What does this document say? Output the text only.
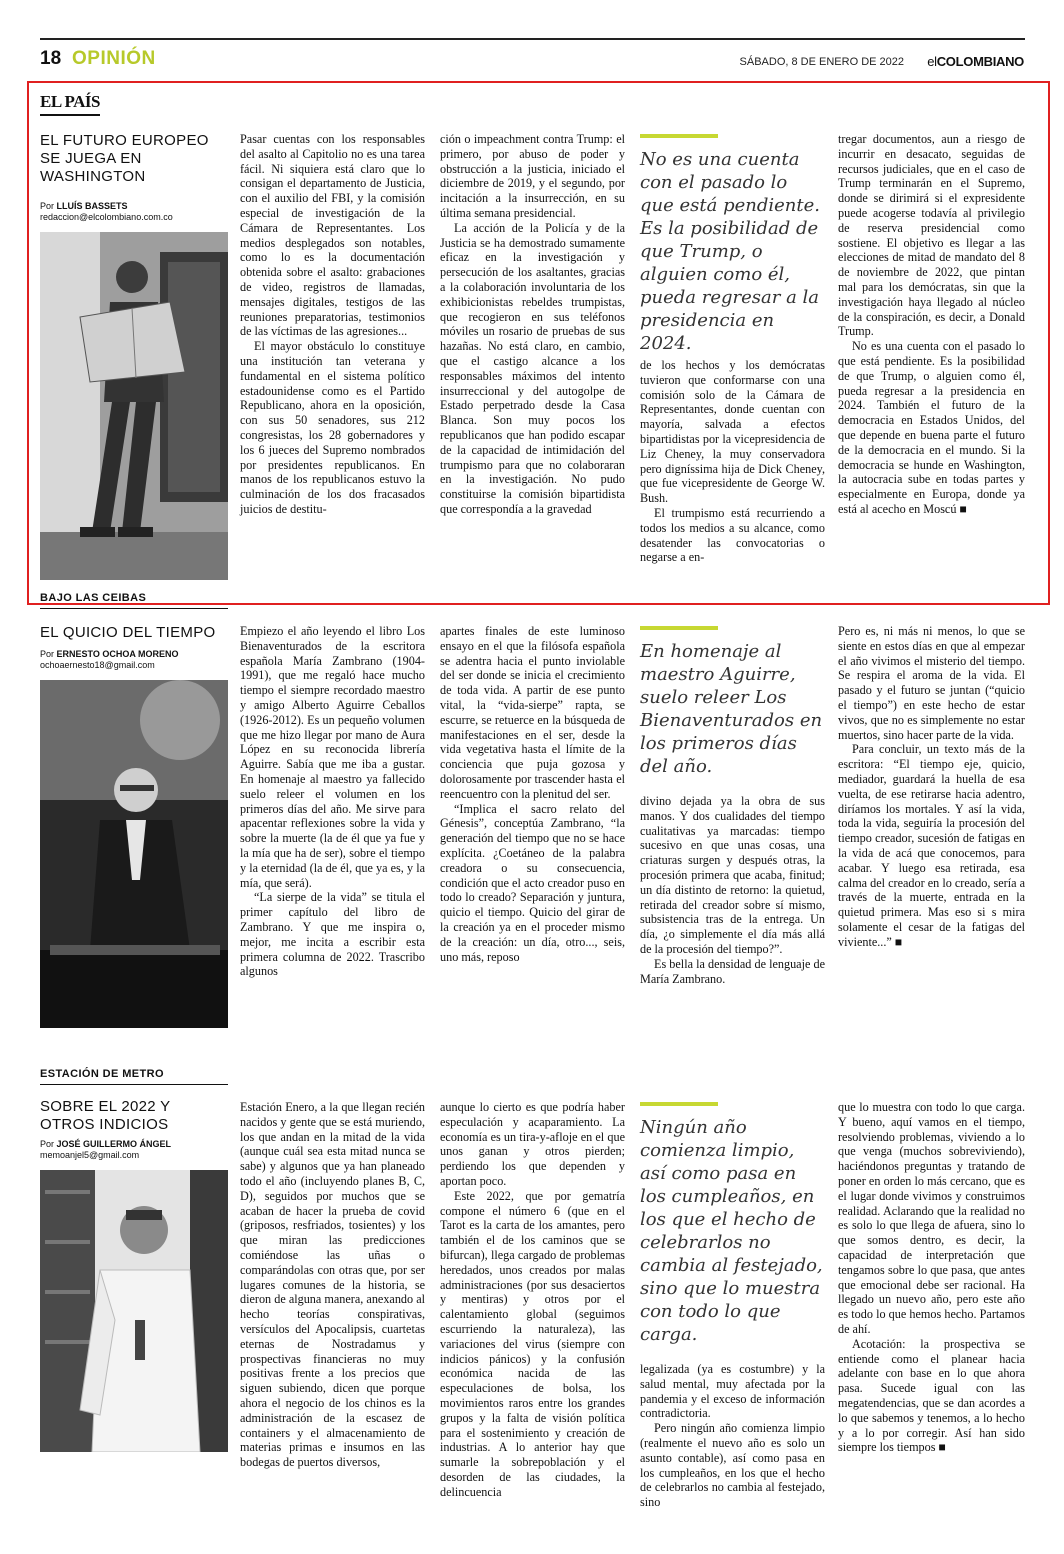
18 OPINIÓN	SÁBADO, 8 DE ENERO DE 2022 elCOLOMBIANO
EL PAÍS
EL FUTURO EUROPEO SE JUEGA EN WASHINGTON
Por LLUÍS BASSETS
redaccion@elcolombiano.com.co

Pasar cuentas con los responsables del asalto al Capitolio no es una tarea fácil. Ni siquiera está claro que lo consigan el departamento de Justicia, con el auxilio del FBI, y la comisión especial de investigación de la Cámara de Representantes. Los medios desplegados son notables, como lo es la documentación obtenida sobre el asalto: grabaciones de video, registros de llamadas, mensajes digitales, testigos de las reuniones preparatorias, testimonios de las víctimas de las agresiones...

El mayor obstáculo lo constituye una institución tan veterana y fundamental en el sistema político estadounidense como es el Partido Republicano, ahora en la oposición, con sus 50 senadores, sus 212 congresistas, los 28 gobernadores y los 6 jueces del Supremo nombrados por presidentes republicanos. En manos de los republicanos estuvo la culminación de los dos fracasados juicios de destitu-

ción o impeachment contra Trump: el primero, por abuso de poder y obstrucción a la justicia, iniciado el diciembre de 2019, y el segundo, por incitación a la insurrección, en su última semana presidencial.

La acción de la Policía y de la Justicia se ha demostrado sumamente eficaz en la investigación y persecución de los asaltantes, gracias a la colaboración involuntaria de los exhibicionistas rebeldes trumpistas, que recogieron en sus teléfonos móviles un rosario de pruebas de sus hazañas. No está claro, en cambio, que el castigo alcance a los responsables máximos del intento insurreccional y del autogolpe de Estado perpetrado desde la Casa Blanca. Son muy pocos los republicanos que han podido escapar de la capacidad de intimidación del trumpismo para que no colaboraran en la investigación. No pudo constituirse la comisión bipartidista que correspondía a la gravedad

No es una cuenta con el pasado lo que está pendiente. Es la posibilidad de que Trump, o alguien como él, pueda regresar a la presidencia en 2024.

de los hechos y los demócratas tuvieron que conformarse con una comisión solo de la Cámara de Representantes, donde cuentan con mayoría, salvada a efectos bipartidistas por la vicepresidencia de Liz Cheney, la muy conservadora pero digníssima hija de Dick Cheney, que fue vicepresidente de George W. Bush.

El trumpismo está recurriendo a todos los medios a su alcance, como desatender las convocatorias o negarse a en-

tregar documentos, aun a riesgo de incurrir en desacato, seguidas de recursos judiciales, que en el caso de Trump terminarán en el Supremo, donde se dirimirá si el expresidente puede acogerse todavía al privilegio de reserva presidencial como sostiene. El objetivo es llegar a las elecciones de mitad de mandato del 8 de noviembre de 2022, que pintan mal para los demócratas, sin que la investigación haya llegado al núcleo de la conspiración, es decir, a Donald Trump.

No es una cuenta con el pasado lo que está pendiente. Es la posibilidad de que Trump, o alguien como él, pueda regresar a la presidencia en 2024. También el futuro de la democracia en Estados Unidos, del que depende en buena parte el futuro de la democracia en el mundo. Si la democracia se hunde en Washington, la autocracia sube en todas partes y especialmente en Europa, donde ya está al acecho en Moscú ■

BAJO LAS CEIBAS
EL QUICIO DEL TIEMPO
Por ERNESTO OCHOA MORENO
ochoaernesto18@gmail.com

Empiezo el año leyendo el libro Los Bienaventurados de la escritora española María Zambrano (1904-1991), que me regaló hace mucho tiempo el siempre recordado maestro y amigo Alberto Aguirre Ceballos (1926-2012). Es un pequeño volumen que me hizo llegar por mano de Aura López en su reconocida librería Aguirre. Sabía que me iba a gustar. En homenaje al maestro ya fallecido suelo releer el volumen en los primeros días del año. Me sirve para apacentar reflexiones sobre la vida y sobre la muerte (la de él que ya fue y la mía que ha de ser), sobre el tiempo y la eternidad (la de él, que ya es, y la mía, que será).

“La sierpe de la vida” se titula el primer capítulo del libro de Zambrano. Y que me inspira o, mejor, me incita a escribir esta primera columna de 2022. Trascribo algunos

apartes finales de este luminoso ensayo en el que la filósofa española se adentra hacia el punto inviolable del ser donde se inicia el crecimiento de toda vida. A partir de ese punto vital, la “vida-sierpe” rapta, se escurre, se retuerce en la búsqueda de manifestaciones en el ser, desde la vida vegetativa hasta el límite de la conciencia que puja gozosa y dolorosamente por trascender hasta el reencuentro con la plenitud del ser.

“Implica el sacro relato del Génesis”, conceptúa Zambrano, “la generación del tiempo que no se hace explícita. ¿Coetáneo de la palabra creadora o su consecuencia, condición que el acto creador puso en todo lo creado? Separación y juntura, quicio el tiempo. Quicio del girar de la creación ya en el proceder mismo de la creación: un día, otro..., seis, uno más, reposo

En homenaje al maestro Aguirre, suelo releer Los Bienaventurados en los primeros días del año.

divino dejada ya la obra de sus manos. Y dos cualidades del tiempo cualitativas ya marcadas: tiempo sucesivo en que unas cosas, una criaturas surgen y después otras, la procesión primera que acaba, finitud; un día distinto de retorno: la quietud, retirada del creador sobre sí mismo, subsistencia tras de la entrega. Un día, ¿o simplemente el día más allá de la procesión del tiempo?”.

Es bella la densidad de lenguaje de María Zambrano.

Pero es, ni más ni menos, lo que se siente en estos días en que al empezar el año vivimos el misterio del tiempo. Se respira el aroma de la vida. El pasado y el futuro se juntan (“quicio el tiempo”) en este hecho de estar vivos, que no es simplemente no estar muertos, sino hacer parte de la vida.

Para concluir, un texto más de la escritora: “El tiempo eje, quicio, mediador, guardará la huella de esa vuelta, de ese retirarse hacia adentro, diríamos los mortales. Y así la vida, toda la vida, seguiría la procesión del tiempo creador, sucesión de fatigas en la vida de acá que conocemos, para acabar. Y luego esa retirada, esa calma del creador en lo creado, sería a través de la muerte, entrada en la quietud primera. Mas eso si s mira solamente el cesar de la fatigas del viviente...” ■

ESTACIÓN DE METRO
SOBRE EL 2022 Y OTROS INDICIOS
Por JOSÉ GUILLERMO ÁNGEL
memoanjel5@gmail.com

Estación Enero, a la que llegan recién nacidos y gente que se está muriendo, los que andan en la mitad de la vida (aunque cuál sea esta mitad nunca se sabe) y algunos que ya han planeado todo el año (incluyendo planes B, C, D), seguidos por muchos que se acaban de hacer la prueba de covid (griposos, resfriados, tosientes) y los que miran las predicciones comiéndose las uñas o comparándolas con otras que, por ser lugares comunes de la historia, se dieron de alguna manera, anexando al hecho teorías conspirativas, versículos del Apocalipsis, cuartetas eternas de Nostradamus y prospectivas financieras no muy positivas frente a los precios que siguen subiendo, dicen que porque ahora el negocio de los chinos es la administración de la escasez de containers y el almacenamiento de materias primas e insumos en las bodegas de puertos diversos,

aunque lo cierto es que podría haber especulación y acaparamiento. La economía es un tira-y-afloje en el que unos ganan y otros pierden; perdiendo los que dependen y aportan poco.

Este 2022, que por gematría compone el número 6 (que en el Tarot es la carta de los amantes, pero también el de los caminos que se bifurcan), llega cargado de problemas heredados, unos creados por malas administraciones (por sus desaciertos y mentiras) y otros por el calentamiento global (seguimos escurriendo la naturaleza), las variaciones del virus (siempre con indicios pánicos) y la confusión económica nacida de las especulaciones de bolsa, los movimientos raros entre los grandes grupos y la falta de visión política para el sostenimiento y creación de industrias. A lo anterior hay que sumarle la sobrepoblación y el desorden de las ciudades, la delincuencia

Ningún año comienza limpio, así como pasa en los cumpleaños, en los que el hecho de celebrarlos no cambia al festejado, sino que lo muestra con todo lo que carga.

legalizada (ya es costumbre) y la salud mental, muy afectada por la pandemia y el exceso de información contradictoria.

Pero ningún año comienza limpio (realmente el nuevo año es solo un asunto contable), así como pasa en los cumpleaños, en los que el hecho de celebrarlos no cambia al festejado, sino

que lo muestra con todo lo que carga. Y bueno, aquí vamos en el tiempo, resolviendo problemas, viviendo a lo que venga (muchos sobreviviendo), haciéndonos preguntas y tratando de poner en orden lo más cercano, que es el lugar donde vivimos y construimos realidad. Aclarando que la realidad no es solo lo que llega de afuera, sino lo que somos dentro, es decir, la capacidad de interpretación que tengamos sobre lo que pasa, que antes que emocional debe ser racional. Ha llegado un nuevo año, pero este año es todo lo que hemos hecho. Partamos de ahí.

Acotación: la prospectiva se entiende como el planear hacia adelante con base en lo que ahora pasa. Sucede igual con las megatendencias, que se dan acordes a lo que sabemos y tenemos, a lo hecho y a lo por corregir. Así han sido siempre los tiempos ■
